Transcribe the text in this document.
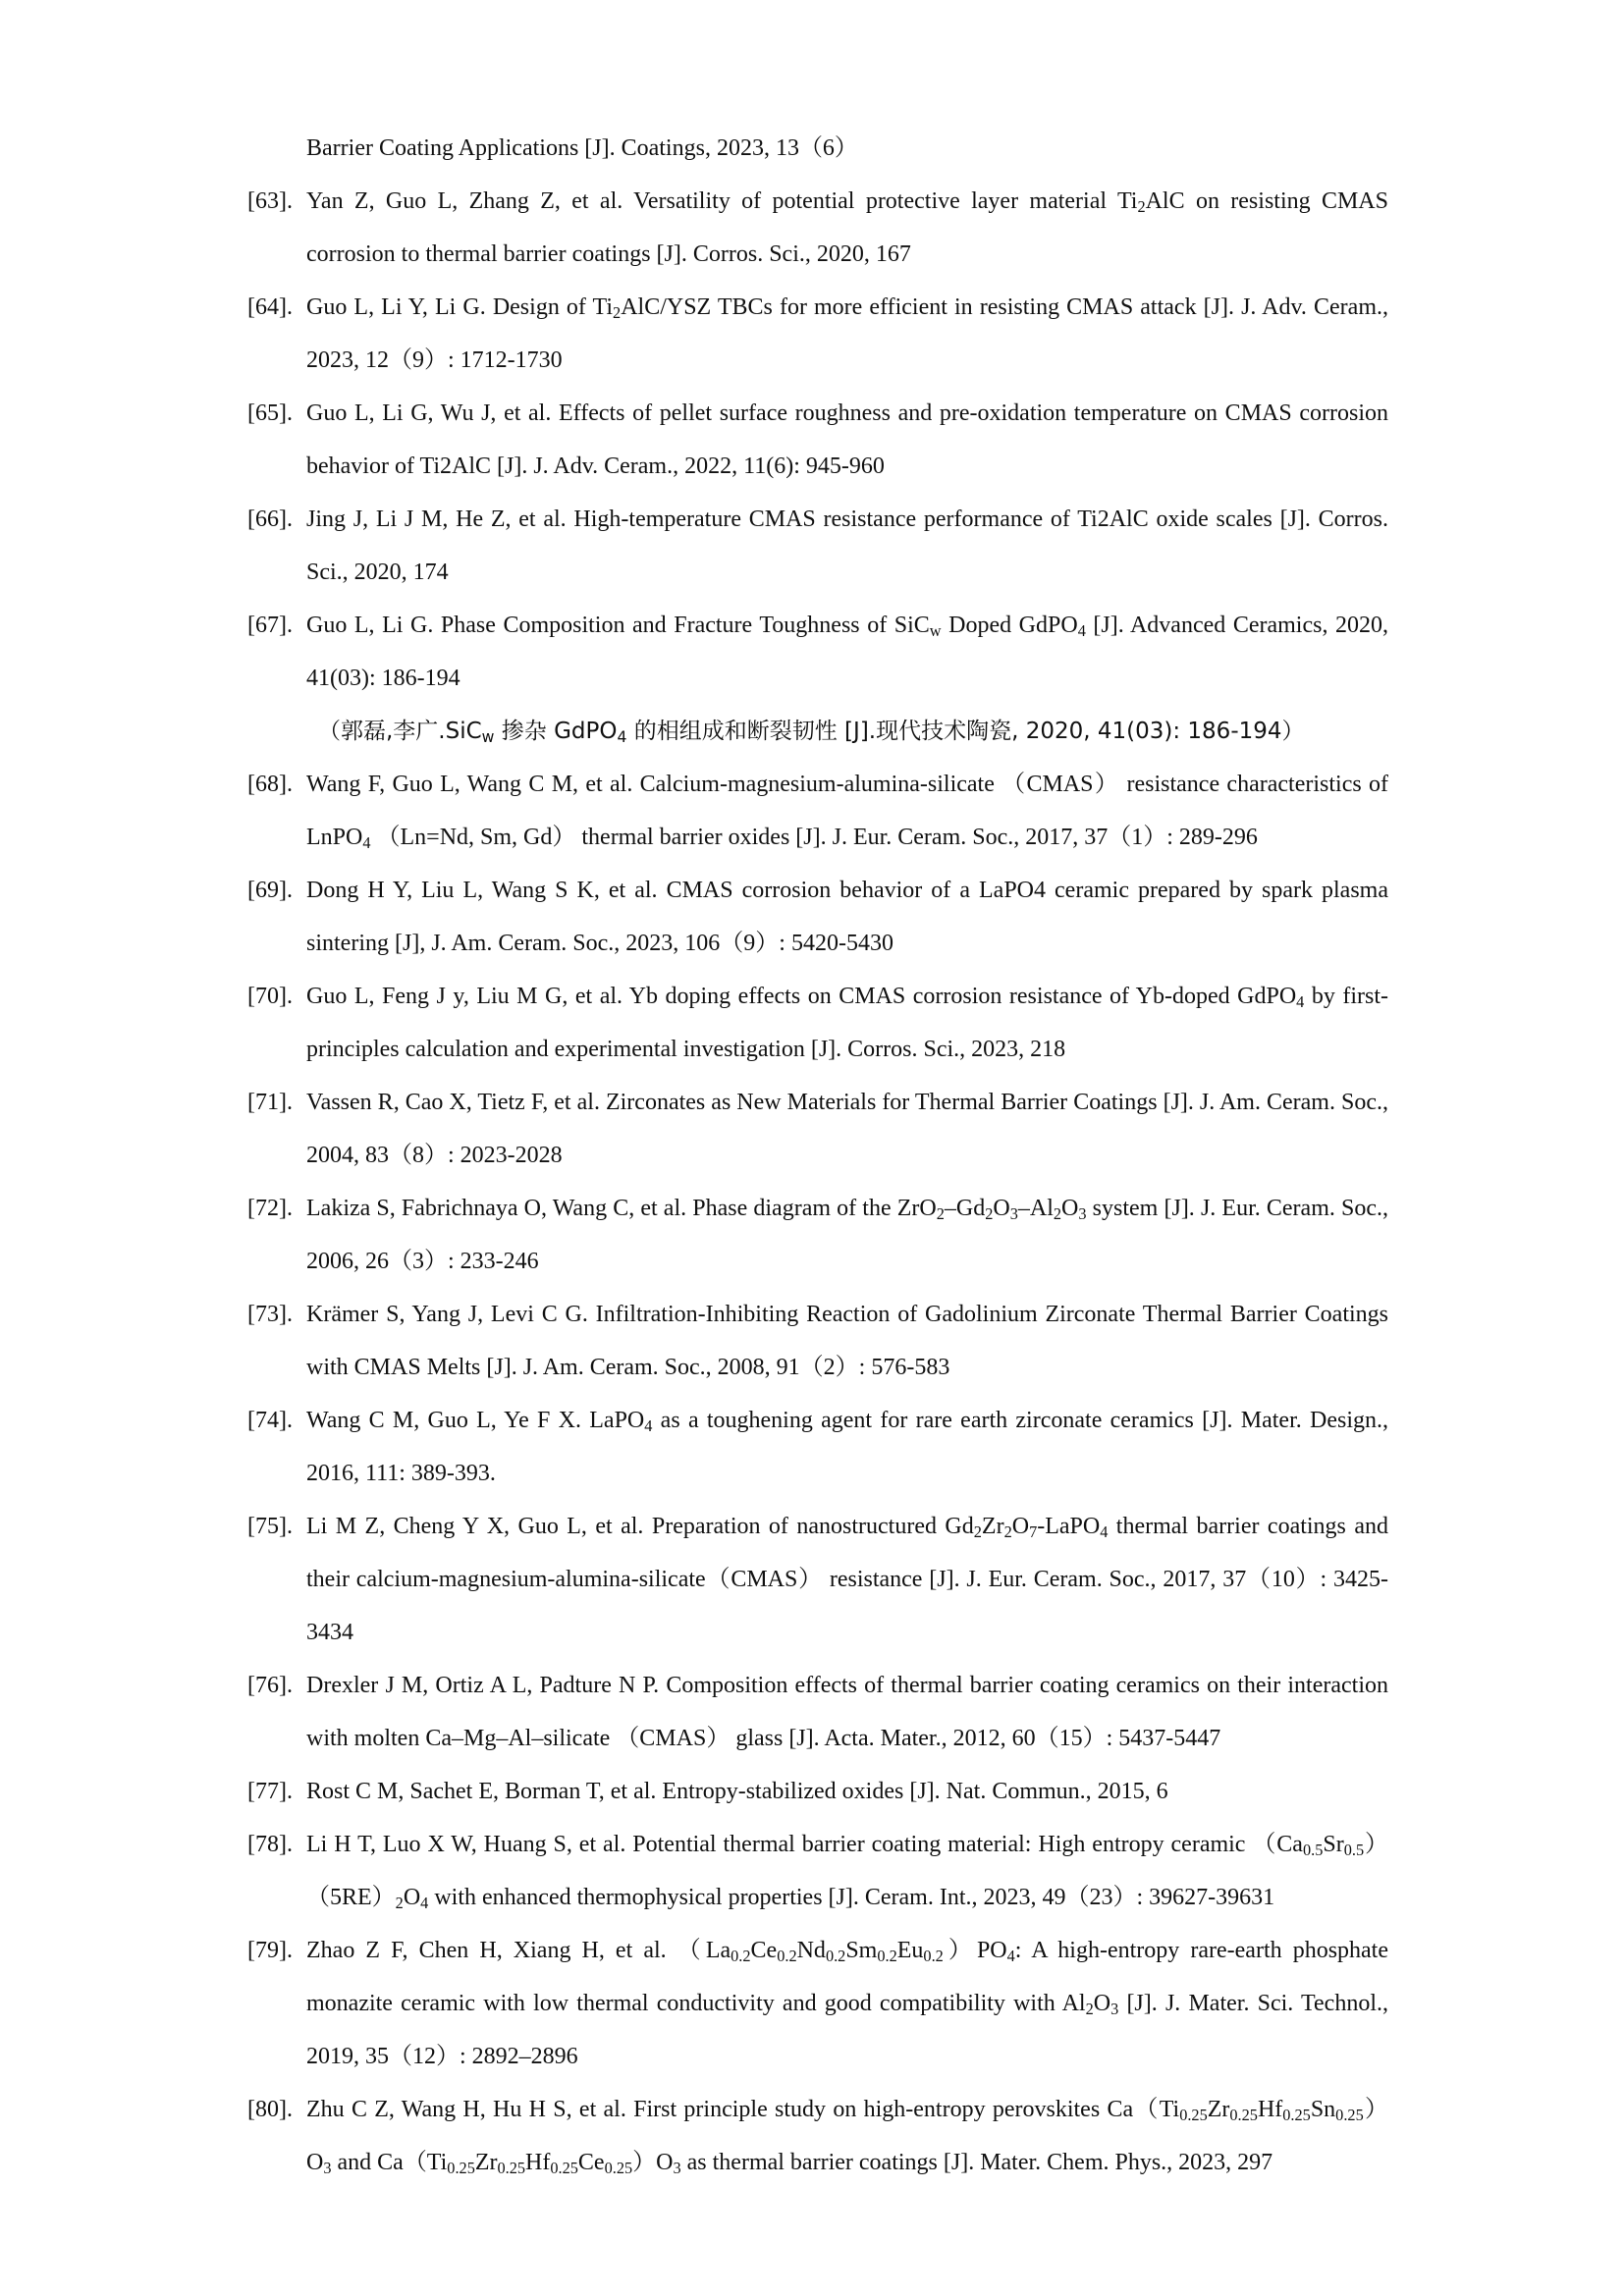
Barrier Coating Applications [J]. Coatings, 2023, 13（6）
[63]. Yan Z, Guo L, Zhang Z, et al. Versatility of potential protective layer material $Ti_2AlC$ on resisting CMAS corrosion to thermal barrier coatings [J]. Corros. Sci., 2020, 167
[64]. Guo L, Li Y, Li G. Design of $Ti_2AlC$/YSZ TBCs for more efficient in resisting CMAS attack [J]. J. Adv. Ceram., 2023, 12（9）: 1712-1730
[65]. Guo L, Li G, Wu J, et al. Effects of pellet surface roughness and pre-oxidation temperature on CMAS corrosion behavior of Ti2AlC [J]. J. Adv. Ceram., 2022, 11(6): 945-960
[66]. Jing J, Li J M, He Z, et al. High-temperature CMAS resistance performance of Ti2AlC oxide scales [J]. Corros. Sci., 2020, 174
[67]. Guo L, Li G. Phase Composition and Fracture Toughness of SiC$_w$ Doped GdPO$_4$ [J]. Advanced Ceramics, 2020, 41(03): 186-194
（郭磊,李广.SiC$_w$ 掺杂 GdPO$_4$ 的相组成和断裂韧性 [J].现代技术陶瓷, 2020, 41(03): 186-194）
[68]. Wang F, Guo L, Wang C M, et al. Calcium-magnesium-alumina-silicate （CMAS） resistance characteristics of LnPO$_4$ （Ln=Nd, Sm, Gd） thermal barrier oxides [J]. J. Eur. Ceram. Soc., 2017, 37（1）: 289-296
[69]. Dong H Y, Liu L, Wang S K, et al. CMAS corrosion behavior of a LaPO4 ceramic prepared by spark plasma sintering [J], J. Am. Ceram. Soc., 2023, 106（9）: 5420-5430
[70]. Guo L, Feng J y, Liu M G, et al. Yb doping effects on CMAS corrosion resistance of Yb-doped GdPO$_4$ by first-principles calculation and experimental investigation [J]. Corros. Sci., 2023, 218
[71]. Vassen R, Cao X, Tietz F, et al. Zirconates as New Materials for Thermal Barrier Coatings [J]. J. Am. Ceram. Soc., 2004, 83（8）: 2023-2028
[72]. Lakiza S, Fabrichnaya O, Wang C, et al. Phase diagram of the $ZrO_2-Gd_2O_3-Al_2O_3$ system [J]. J. Eur. Ceram. Soc., 2006, 26（3）: 233-246
[73]. Krämer S, Yang J, Levi C G. Infiltration-Inhibiting Reaction of Gadolinium Zirconate Thermal Barrier Coatings with CMAS Melts [J]. J. Am. Ceram. Soc., 2008, 91（2）: 576-583
[74]. Wang C M, Guo L, Ye F X. LaPO$_4$ as a toughening agent for rare earth zirconate ceramics [J]. Mater. Design., 2016, 111: 389-393.
[75]. Li M Z, Cheng Y X, Guo L, et al. Preparation of nanostructured $Gd_2Zr_2O_7-LaPO_4$ thermal barrier coatings and their calcium-magnesium-alumina-silicate（CMAS） resistance [J]. J. Eur. Ceram. Soc., 2017, 37（10）: 3425-3434
[76]. Drexler J M, Ortiz A L, Padture N P. Composition effects of thermal barrier coating ceramics on their interaction with molten Ca–Mg–Al–silicate （CMAS） glass [J]. Acta. Mater., 2012, 60（15）: 5437-5447
[77]. Rost C M, Sachet E, Borman T, et al. Entropy-stabilized oxides [J]. Nat. Commun., 2015, 6
[78]. Li H T, Luo X W, Huang S, et al. Potential thermal barrier coating material: High entropy ceramic $(Ca_{0.5}Sr_{0.5})(5RE)_2O_4$ with enhanced thermophysical properties [J]. Ceram. Int., 2023, 49（23）: 39627-39631
[79]. Zhao Z F, Chen H, Xiang H, et al. $(La_{0.2}Ce_{0.2}Nd_{0.2}Sm_{0.2}Eu_{0.2})PO_4$: A high-entropy rare-earth phosphate monazite ceramic with low thermal conductivity and good compatibility with $Al_2O_3$ [J]. J. Mater. Sci. Technol., 2019, 35（12）: 2892–2896
[80]. Zhu C Z, Wang H, Hu H S, et al. First principle study on high-entropy perovskites $Ca(Ti_{0.25}Zr_{0.25}Hf_{0.25}Sn_{0.25})O_3$ and $Ca(Ti_{0.25}Zr_{0.25}Hf_{0.25}Ce_{0.25})O_3$ as thermal barrier coatings [J]. Mater. Chem. Phys., 2023, 297
